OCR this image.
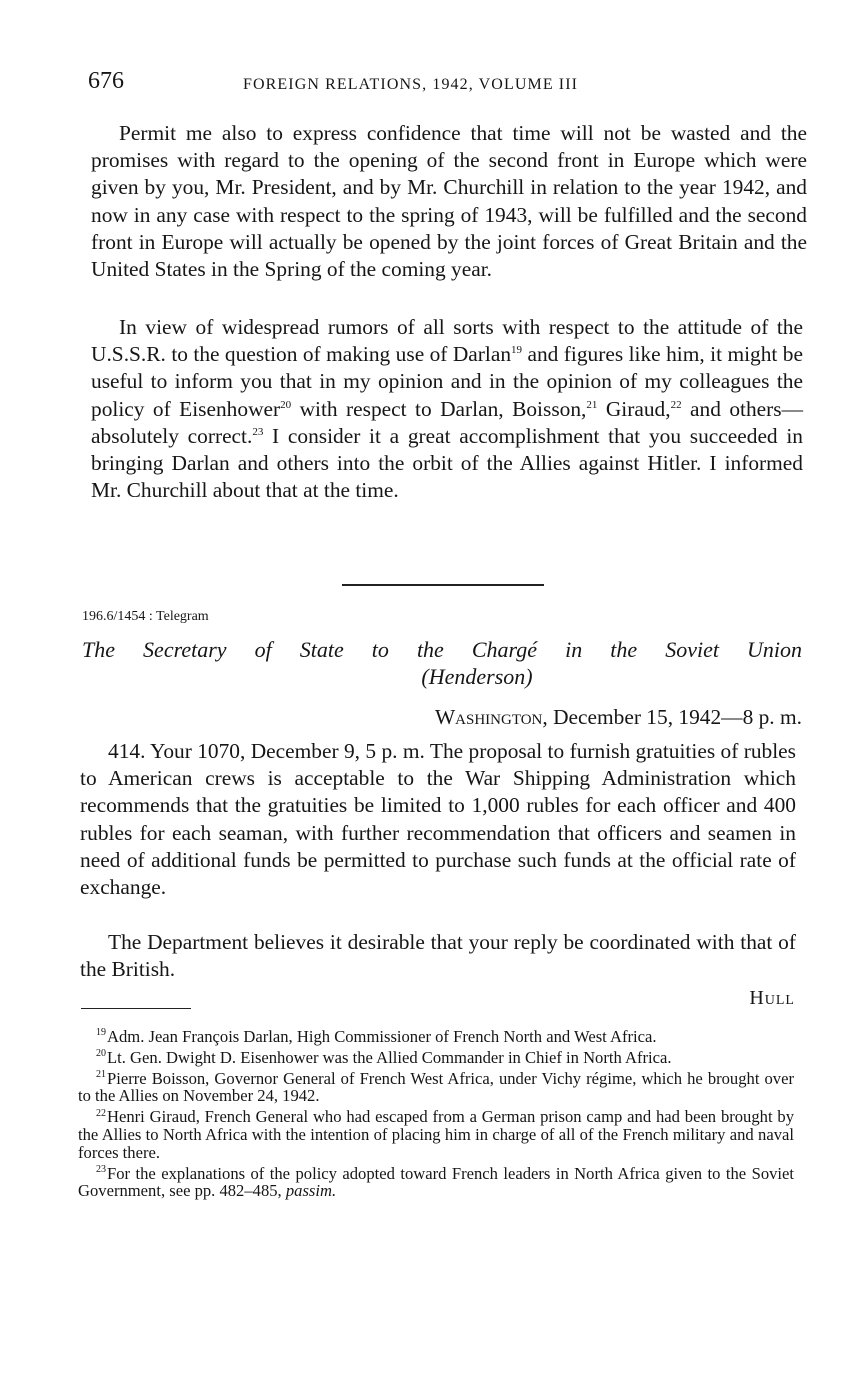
676	FOREIGN RELATIONS, 1942, VOLUME III

Permit me also to express confidence that time will not be wasted and the promises with regard to the opening of the second front in Europe which were given by you, Mr. President, and by Mr. Churchill in relation to the year 1942, and now in any case with respect to the spring of 1943, will be fulfilled and the second front in Europe will actually be opened by the joint forces of Great Britain and the United States in the Spring of the coming year.

In view of widespread rumors of all sorts with respect to the attitude of the U.S.S.R. to the question of making use of Darlan$^{19}$ and figures like him, it might be useful to inform you that in my opinion and in the opinion of my colleagues the policy of Eisenhower$^{20}$ with respect to Darlan, Boisson,$^{21}$ Giraud,$^{22}$ and others—absolutely correct.$^{23}$ I consider it a great accomplishment that you succeeded in bringing Darlan and others into the orbit of the Allies against Hitler. I informed Mr. Churchill about that at the time.

196.6/1454 : Telegram
The Secretary of State to the Chargé in the Soviet Union
(Henderson)
Washington, December 15, 1942—8 p. m.

414. Your 1070, December 9, 5 p. m. The proposal to furnish gratuities of rubles to American crews is acceptable to the War Shipping Administration which recommends that the gratuities be limited to 1,000 rubles for each officer and 400 rubles for each seaman, with further recommendation that officers and seamen in need of additional funds be permitted to purchase such funds at the official rate of exchange.

The Department believes it desirable that your reply be coordinated with that of the British.

Hull

$^{19}$Adm. Jean François Darlan, High Commissioner of French North and West Africa.

$^{20}$Lt. Gen. Dwight D. Eisenhower was the Allied Commander in Chief in North Africa.

$^{21}$Pierre Boisson, Governor General of French West Africa, under Vichy régime, which he brought over to the Allies on November 24, 1942.

$^{22}$Henri Giraud, French General who had escaped from a German prison camp and had been brought by the Allies to North Africa with the intention of placing him in charge of all of the French military and naval forces there.

$^{23}$For the explanations of the policy adopted toward French leaders in North Africa given to the Soviet Government, see pp. 482–485, passim.
